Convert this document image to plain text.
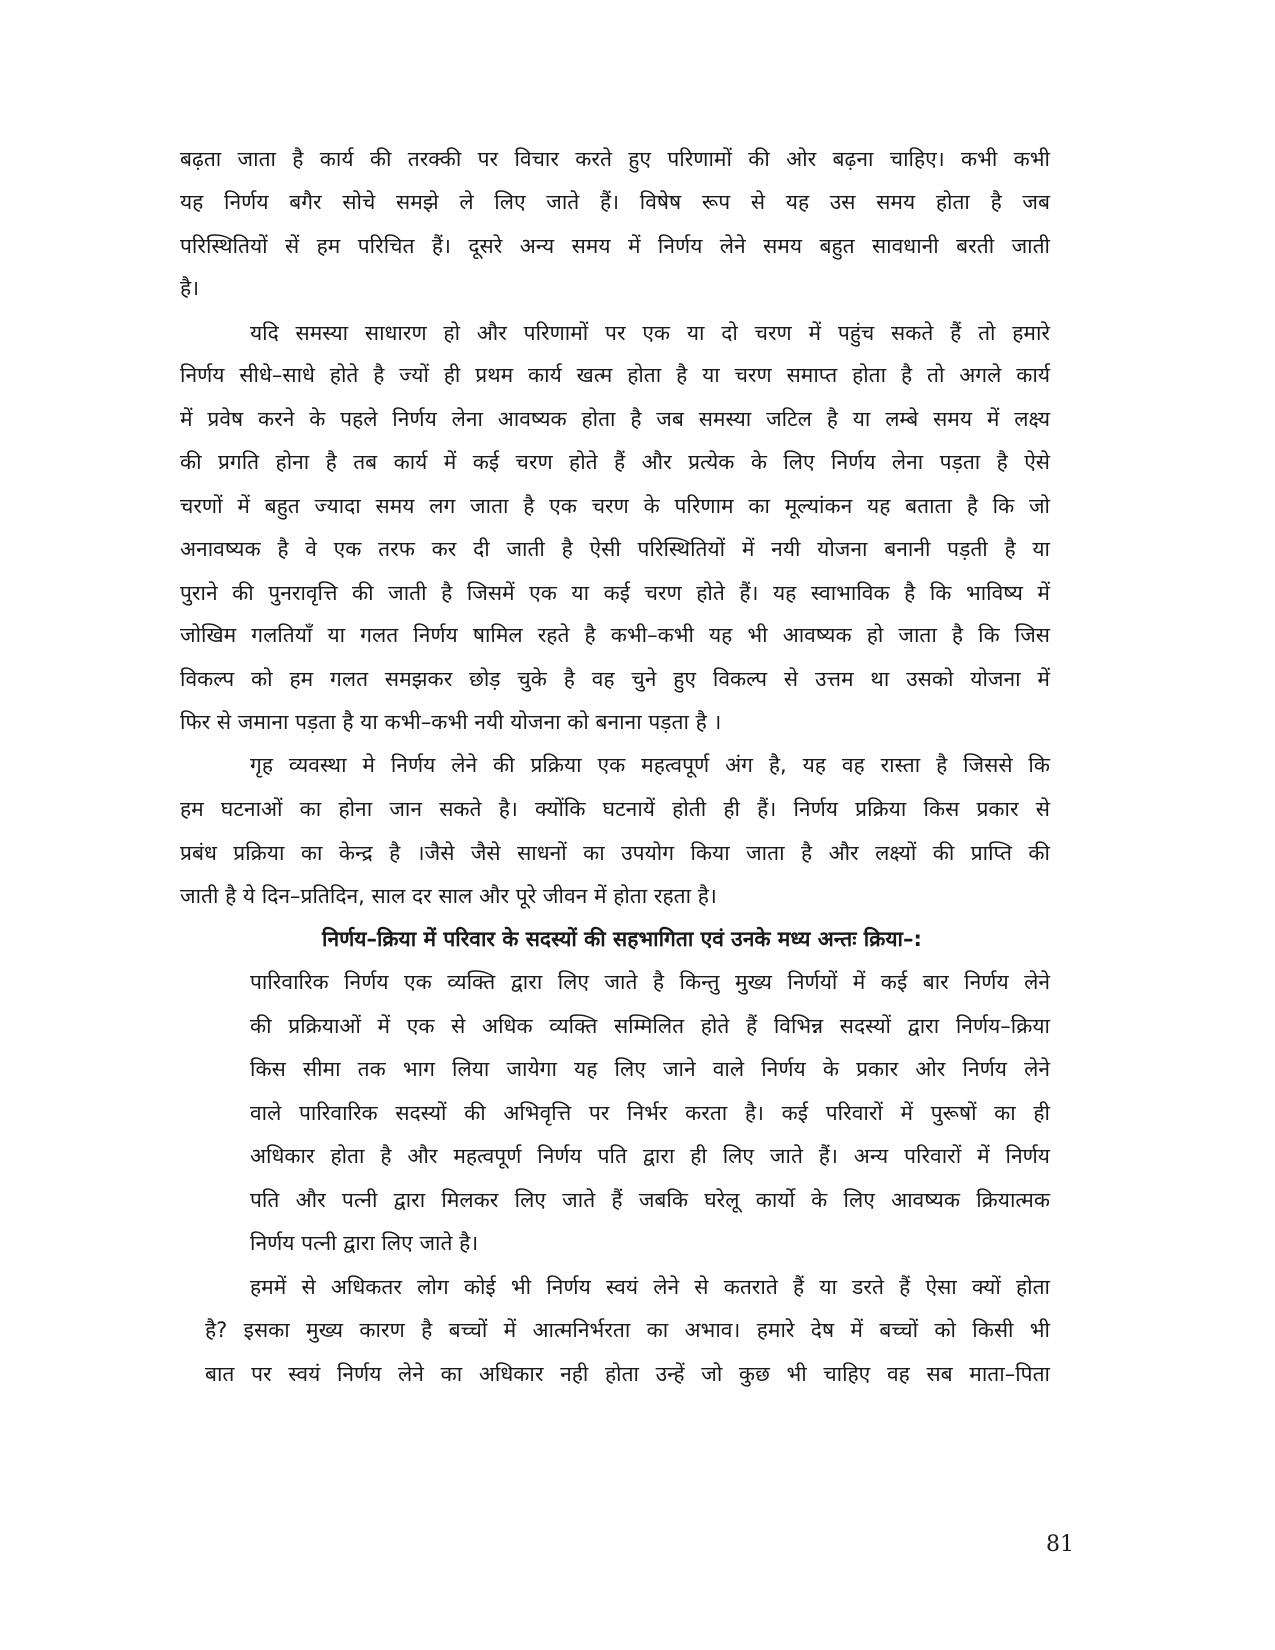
बढ़ता जाता है कार्य की तरक्की पर विचार करते हुए परिणामों की ओर बढ़ना चाहिए। कभी कभी
यह निर्णय बगैर सोचे समझे ले लिए जाते हैं। विषेष रूप से यह उस समय होता है जब
परिस्थितियों सें हम परिचित हैं। दूसरे अन्य समय में निर्णय लेने समय बहुत सावधानी बरती जाती
है।
यदि समस्या साधारण हो और परिणामों पर एक या दो चरण में पहुंच सकते हैं तो हमारे
निर्णय सीधे–साधे होते है ज्यों ही प्रथम कार्य खत्म होता है या चरण समाप्त होता है तो अगले कार्य
में प्रवेष करने के पहले निर्णय लेना आवष्यक होता है जब समस्या जटिल है या लम्बे समय में लक्ष्य
की प्रगति होना है तब कार्य में कई चरण होते हैं और प्रत्येक के लिए निर्णय लेना पड़ता है ऐसे
चरणों में बहुत ज्यादा समय लग जाता है एक चरण के परिणाम का मूल्यांकन यह बताता है कि जो
अनावष्यक है वे एक तरफ कर दी जाती है ऐसी परिस्थितियों में नयी योजना बनानी पड़ती है या
पुराने की पुनरावृत्ति की जाती है जिसमें एक या कई चरण होते हैं। यह स्वाभाविक है कि भाविष्य में
जोखिम गलतियॉं या गलत निर्णय षामिल रहते है कभी–कभी यह भी आवष्यक हो जाता है कि जिस
विकल्प को हम गलत समझकर छोड़ चुके है वह चुने हुए विकल्प से उत्तम था उसको योजना में
फिर से जमाना पड़ता है या कभी–कभी नयी योजना को बनाना पड़ता है ।
गृह व्यवस्था मे निर्णय लेने की प्रक्रिया एक महत्वपूर्ण अंग है, यह वह रास्ता है जिससे कि
हम घटनाओं का होना जान सकते है। क्योंकि घटनायें होती ही हैं। निर्णय प्रक्रिया किस प्रकार से
प्रबंध प्रक्रिया का केन्द्र है ।जैसे जैसे साधनों का उपयोग किया जाता है और लक्ष्यों की प्राप्ति की
जाती है ये दिन–प्रतिदिन, साल दर साल और पूरे जीवन में होता रहता है।
निर्णय–क्रिया में परिवार के सदस्यों की सहभागिता एवं उनके मध्य अन्तः क्रिया–:
पारिवारिक निर्णय एक व्यक्ति द्वारा लिए जाते है किन्तु मुख्य निर्णयों में कई बार निर्णय लेने
की प्रक्रियाओं में एक से अधिक व्यक्ति सम्मिलित होते हैं विभिन्न सदस्यों द्वारा निर्णय–क्रिया
किस सीमा तक भाग लिया जायेगा यह लिए जाने वाले निर्णय के प्रकार ओर निर्णय लेने
वाले पारिवारिक सदस्यों की अभिवृत्ति पर निर्भर करता है। कई परिवारों में पुरूषों का ही
अधिकार होता है और महत्वपूर्ण निर्णय पति द्वारा ही लिए जाते हैं। अन्य परिवारों में निर्णय
पति और पत्नी द्वारा मिलकर लिए जाते हैं जबकि घरेलू कार्यो के लिए आवष्यक क्रियात्मक
निर्णय पत्नी द्वारा लिए जाते है।
हममें से अधिकतर लोग कोई भी निर्णय स्वयं लेने से कतराते हैं या डरते हैं ऐसा क्यों होता
है? इसका मुख्य कारण है बच्चों में आत्मनिर्भरता का अभाव। हमारे देष में बच्चों को किसी भी
बात पर स्वयं निर्णय लेने का अधिकार नही होता उन्हें जो कुछ भी चाहिए वह सब माता–पिता
81
